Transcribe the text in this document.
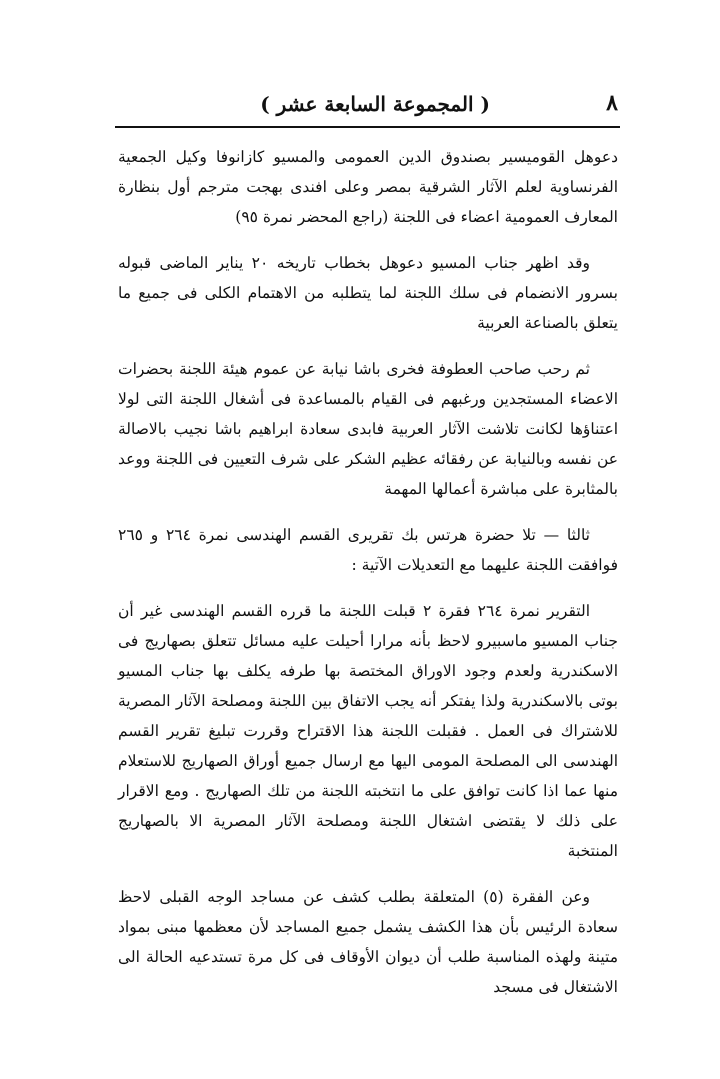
٨
( المجموعة السابعة عشر )

دعوهل القوميسير بصندوق الدين العمومى والمسيو كازانوفا وكيل الجمعية الفرنساوية لعلم الآثار الشرقية بمصر وعلى افندى بهجت مترجم أول بنظارة المعارف العمومية اعضاء فى اللجنة (راجع المحضر نمرة ٩٥)

وقد اظهر جناب المسيو دعوهل بخطاب تاريخه ٢٠ يناير الماضى قبوله بسرور الانضمام فى سلك اللجنة لما يتطلبه من الاهتمام الكلى فى جميع ما يتعلق بالصناعة العربية

ثم رحب صاحب العطوفة فخرى باشا نيابة عن عموم هيئة اللجنة بحضرات الاعضاء المستجدين ورغبهم فى القيام بالمساعدة فى أشغال اللجنة التى لولا اعتناؤها لكانت تلاشت الآثار العربية فابدى سعادة ابراهيم باشا نجيب بالاصالة عن نفسه وبالنيابة عن رفقائه عظيم الشكر على شرف التعيين فى اللجنة ووعد بالمثابرة على مباشرة أعمالها المهمة

ثالثا — تلا حضرة هرتس بك تقريرى القسم الهندسى نمرة ٢٦٤ و ٢٦٥ فوافقت اللجنة عليهما مع التعديلات الآتية :

التقرير نمرة ٢٦٤ فقرة ٢ قبلت اللجنة ما قرره القسم الهندسى غير أن جناب المسيو ماسبيرو لاحظ بأنه مرارا أحيلت عليه مسائل تتعلق بصهاريج فى الاسكندرية ولعدم وجود الاوراق المختصة بها طرفه يكلف بها جناب المسيو بوتى بالاسكندرية ولذا يفتكر أنه يجب الاتفاق بين اللجنة ومصلحة الآثار المصرية للاشتراك فى العمل . فقبلت اللجنة هذا الاقتراح وقررت تبليغ تقرير القسم الهندسى الى المصلحة المومى اليها مع ارسال جميع أوراق الصهاريج للاستعلام منها عما اذا كانت توافق على ما انتخبته اللجنة من تلك الصهاريج . ومع الاقرار على ذلك لا يقتضى اشتغال اللجنة ومصلحة الآثار المصرية الا بالصهاريج المنتخبة

وعن الفقرة (٥) المتعلقة بطلب كشف عن مساجد الوجه القبلى لاحظ سعادة الرئيس بأن هذا الكشف يشمل جميع المساجد لأن معظمها مبنى بمواد متينة ولهذه المناسبة طلب أن ديوان الأوقاف فى كل مرة تستدعيه الحالة الى الاشتغال فى مسجد
